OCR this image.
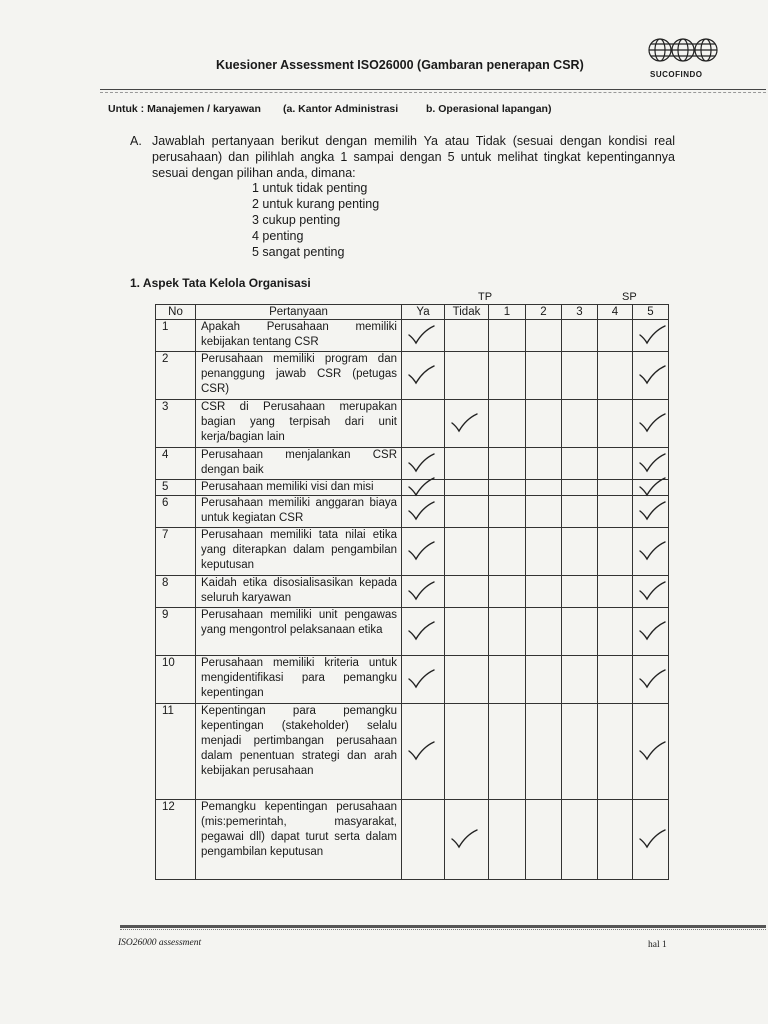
Kuesioner Assessment ISO26000 (Gambaran penerapan CSR)
SUCOFINDO
Untuk : Manajemen / karyawan (a. Kantor Administrasi	b. Operasional lapangan)
A. Jawablah pertanyaan berikut dengan memilih Ya atau Tidak (sesuai dengan kondisi real perusahaan) dan pilihlah angka 1 sampai dengan 5 untuk melihat tingkat kepentingannya sesuai dengan pilihan anda, dimana:
1 untuk tidak penting
2 untuk kurang penting
3 cukup penting
4 penting
5 sangat penting
1. Aspek Tata Kelola Organisasi
TP	SP
No	Pertanyaan	Ya	Tidak	1	2	3	4	5
1	Apakah Perusahaan memiliki kebijakan tentang CSR	

2	Perusahaan memiliki program dan penanggung jawab CSR (petugas CSR)	

3	CSR di Perusahaan merupakan bagian yang terpisah dari unit kerja/bagian lain		

4	Perusahaan menjalankan CSR dengan baik	

5	Perusahaan memiliki visi dan misi	

6	Perusahaan memiliki anggaran biaya untuk kegiatan CSR	

7	Perusahaan memiliki tata nilai etika yang diterapkan dalam pengambilan keputusan	

8	Kaidah etika disosialisasikan kepada seluruh karyawan	

9	Perusahaan memiliki unit pengawas yang mengontrol pelaksanaan etika	

10	Perusahaan memiliki kriteria untuk mengidentifikasi para pemangku kepentingan	

11	Kepentingan para pemangku kepentingan (stakeholder) selalu menjadi pertimbangan perusahaan dalam penentuan strategi dan arah kebijakan perusahaan	

12	Pemangku kepentingan perusahaan (mis:pemerintah, masyarakat, pegawai dll) dapat turut serta dalam pengambilan keputusan		

ISO26000 assessment	hal 1
